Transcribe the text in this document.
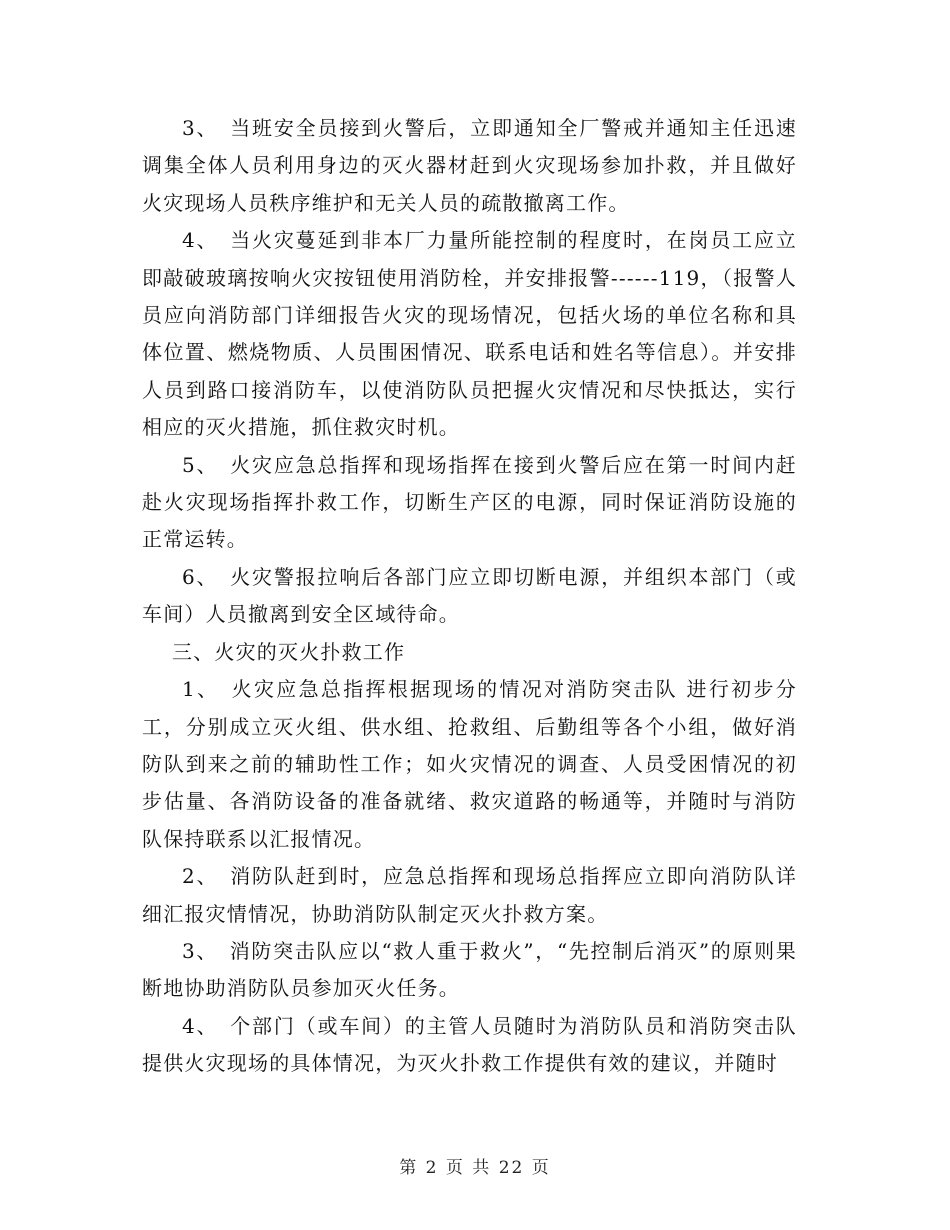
3、　当班安全员接到火警后，立即通知全厂警戒并通知主任迅速调集全体人员利用身边的灭火器材赶到火灾现场参加扑救，并且做好火灾现场人员秩序维护和无关人员的疏散撤离工作。

4、　当火灾蔓延到非本厂力量所能控制的程度时，在岗员工应立即敲破玻璃按响火灾按钮使用消防栓，并安排报警------119，（报警人员应向消防部门详细报告火灾的现场情况，包括火场的单位名称和具体位置、燃烧物质、人员围困情况、联系电话和姓名等信息）。并安排人员到路口接消防车，以使消防队员把握火灾情况和尽快抵达，实行相应的灭火措施，抓住救灾时机。

5、　火灾应急总指挥和现场指挥在接到火警后应在第一时间内赶赴火灾现场指挥扑救工作，切断生产区的电源，同时保证消防设施的正常运转。

6、　火灾警报拉响后各部门应立即切断电源，并组织本部门（或车间）人员撤离到安全区域待命。

三、火灾的灭火扑救工作

1、　火灾应急总指挥根据现场的情况对消防突击队 进行初步分工，分别成立灭火组、供水组、抢救组、后勤组等各个小组，做好消防队到来之前的辅助性工作；如火灾情况的调查、人员受困情况的初步估量、各消防设备的准备就绪、救灾道路的畅通等，并随时与消防队保持联系以汇报情况。

2、　消防队赶到时，应急总指挥和现场总指挥应立即向消防队详细汇报灾情情况，协助消防队制定灭火扑救方案。

3、　消防突击队应以“救人重于救火”，“先控制后消灭”的原则果断地协助消防队员参加灭火任务。

4、　个部门（或车间）的主管人员随时为消防队员和消防突击队提供火灾现场的具体情况，为灭火扑救工作提供有效的建议，并随时

第 2 页 共 22 页
